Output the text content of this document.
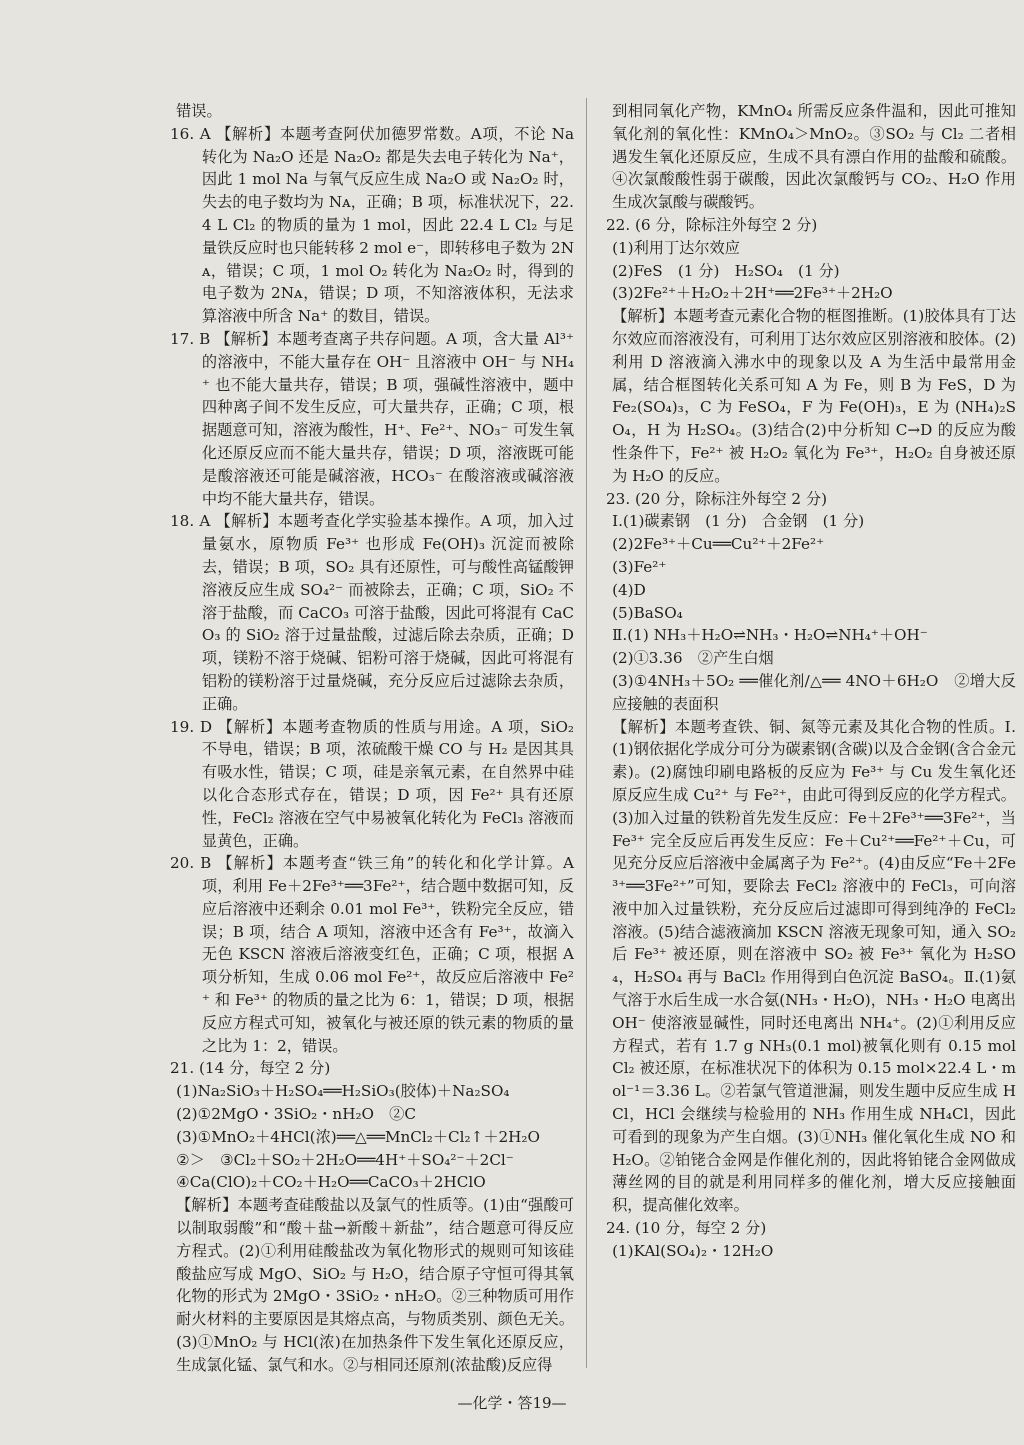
错误。

16. A 【解析】本题考查阿伏加德罗常数。A项，不论 Na 转化为 Na₂O 还是 Na₂O₂ 都是失去电子转化为 Na⁺，因此 1 mol Na 与氧气反应生成 Na₂O 或 Na₂O₂ 时，失去的电子数均为 Nᴀ，正确；B 项，标准状况下，22.4 L Cl₂ 的物质的量为 1 mol，因此 22.4 L Cl₂ 与足量铁反应时也只能转移 2 mol e⁻，即转移电子数为 2Nᴀ，错误；C 项，1 mol O₂ 转化为 Na₂O₂ 时，得到的电子数为 2Nᴀ，错误；D 项，不知溶液体积，无法求算溶液中所含 Na⁺ 的数目，错误。

17. B 【解析】本题考查离子共存问题。A 项，含大量 Al³⁺ 的溶液中，不能大量存在 OH⁻ 且溶液中 OH⁻ 与 NH₄⁺ 也不能大量共存，错误；B 项，强碱性溶液中，题中四种离子间不发生反应，可大量共存，正确；C 项，根据题意可知，溶液为酸性，H⁺、Fe²⁺、NO₃⁻ 可发生氧化还原反应而不能大量共存，错误；D 项，溶液既可能是酸溶液还可能是碱溶液，HCO₃⁻ 在酸溶液或碱溶液中均不能大量共存，错误。

18. A 【解析】本题考查化学实验基本操作。A 项，加入过量氨水，原物质 Fe³⁺ 也形成 Fe(OH)₃ 沉淀而被除去，错误；B 项，SO₂ 具有还原性，可与酸性高锰酸钾溶液反应生成 SO₄²⁻ 而被除去，正确；C 项，SiO₂ 不溶于盐酸，而 CaCO₃ 可溶于盐酸，因此可将混有 CaCO₃ 的 SiO₂ 溶于过量盐酸，过滤后除去杂质，正确；D 项，镁粉不溶于烧碱、铝粉可溶于烧碱，因此可将混有铝粉的镁粉溶于过量烧碱，充分反应后过滤除去杂质，正确。

19. D 【解析】本题考查物质的性质与用途。A 项，SiO₂ 不导电，错误；B 项，浓硫酸干燥 CO 与 H₂ 是因其具有吸水性，错误；C 项，硅是亲氧元素，在自然界中硅以化合态形式存在，错误；D 项，因 Fe²⁺ 具有还原性，FeCl₂ 溶液在空气中易被氧化转化为 FeCl₃ 溶液而显黄色，正确。

20. B 【解析】本题考查“铁三角”的转化和化学计算。A 项，利用 Fe＋2Fe³⁺══3Fe²⁺，结合题中数据可知，反应后溶液中还剩余 0.01 mol Fe³⁺，铁粉完全反应，错误；B 项，结合 A 项知，溶液中还含有 Fe³⁺，故滴入无色 KSCN 溶液后溶液变红色，正确；C 项，根据 A 项分析知，生成 0.06 mol Fe²⁺，故反应后溶液中 Fe²⁺ 和 Fe³⁺ 的物质的量之比为 6：1，错误；D 项，根据反应方程式可知，被氧化与被还原的铁元素的物质的量之比为 1：2，错误。

21. (14 分，每空 2 分)

(1)Na₂SiO₃＋H₂SO₄══H₂SiO₃(胶体)＋Na₂SO₄

(2)①2MgO・3SiO₂・nH₂O　②C

(3)①MnO₂＋4HCl(浓)══△══MnCl₂＋Cl₂↑＋2H₂O

②＞　③Cl₂＋SO₂＋2H₂O══4H⁺＋SO₄²⁻＋2Cl⁻

④Ca(ClO)₂＋CO₂＋H₂O══CaCO₃＋2HClO

【解析】本题考查硅酸盐以及氯气的性质等。(1)由“强酸可以制取弱酸”和“酸＋盐→新酸＋新盐”，结合题意可得反应方程式。(2)①利用硅酸盐改为氧化物形式的规则可知该硅酸盐应写成 MgO、SiO₂ 与 H₂O，结合原子守恒可得其氧化物的形式为 2MgO・3SiO₂・nH₂O。②三种物质可用作耐火材料的主要原因是其熔点高，与物质类别、颜色无关。(3)①MnO₂ 与 HCl(浓)在加热条件下发生氧化还原反应，生成氯化锰、氯气和水。②与相同还原剂(浓盐酸)反应得

到相同氧化产物，KMnO₄ 所需反应条件温和，因此可推知氧化剂的氧化性：KMnO₄＞MnO₂。③SO₂ 与 Cl₂ 二者相遇发生氧化还原反应，生成不具有漂白作用的盐酸和硫酸。④次氯酸酸性弱于碳酸，因此次氯酸钙与 CO₂、H₂O 作用生成次氯酸与碳酸钙。

22. (6 分，除标注外每空 2 分)

(1)利用丁达尔效应

(2)FeS　(1 分)　H₂SO₄　(1 分)

(3)2Fe²⁺＋H₂O₂＋2H⁺══2Fe³⁺＋2H₂O

【解析】本题考查元素化合物的框图推断。(1)胶体具有丁达尔效应而溶液没有，可利用丁达尔效应区别溶液和胶体。(2)利用 D 溶液滴入沸水中的现象以及 A 为生活中最常用金属，结合框图转化关系可知 A 为 Fe，则 B 为 FeS，D 为 Fe₂(SO₄)₃，C 为 FeSO₄，F 为 Fe(OH)₃，E 为 (NH₄)₂SO₄，H 为 H₂SO₄。(3)结合(2)中分析知 C→D 的反应为酸性条件下，Fe²⁺ 被 H₂O₂ 氧化为 Fe³⁺，H₂O₂ 自身被还原为 H₂O 的反应。

23. (20 分，除标注外每空 2 分)

Ⅰ.(1)碳素钢　(1 分)　合金钢　(1 分)

(2)2Fe³⁺＋Cu══Cu²⁺＋2Fe²⁺

(3)Fe²⁺

(4)D

(5)BaSO₄

Ⅱ.(1) NH₃＋H₂O⇌NH₃・H₂O⇌NH₄⁺＋OH⁻

(2)①3.36　②产生白烟

(3)①4NH₃＋5O₂ ══催化剂/△══ 4NO＋6H₂O　②增大反应接触的表面积

【解析】本题考查铁、铜、氮等元素及其化合物的性质。Ⅰ.(1)钢依据化学成分可分为碳素钢(含碳)以及合金钢(含合金元素)。(2)腐蚀印刷电路板的反应为 Fe³⁺ 与 Cu 发生氧化还原反应生成 Cu²⁺ 与 Fe²⁺，由此可得到反应的化学方程式。(3)加入过量的铁粉首先发生反应：Fe＋2Fe³⁺══3Fe²⁺，当 Fe³⁺ 完全反应后再发生反应：Fe＋Cu²⁺══Fe²⁺＋Cu，可见充分反应后溶液中金属离子为 Fe²⁺。(4)由反应“Fe＋2Fe³⁺══3Fe²⁺”可知，要除去 FeCl₂ 溶液中的 FeCl₃，可向溶液中加入过量铁粉，充分反应后过滤即可得到纯净的 FeCl₂ 溶液。(5)结合滤液滴加 KSCN 溶液无现象可知，通入 SO₂ 后 Fe³⁺ 被还原，则在溶液中 SO₂ 被 Fe³⁺ 氧化为 H₂SO₄，H₂SO₄ 再与 BaCl₂ 作用得到白色沉淀 BaSO₄。Ⅱ.(1)氨气溶于水后生成一水合氨(NH₃・H₂O)，NH₃・H₂O 电离出 OH⁻ 使溶液显碱性，同时还电离出 NH₄⁺。(2)①利用反应方程式，若有 1.7 g NH₃(0.1 mol)被氧化则有 0.15 mol Cl₂ 被还原，在标准状况下的体积为 0.15 mol×22.4 L・mol⁻¹＝3.36 L。②若氯气管道泄漏，则发生题中反应生成 HCl，HCl 会继续与检验用的 NH₃ 作用生成 NH₄Cl，因此可看到的现象为产生白烟。(3)①NH₃ 催化氧化生成 NO 和 H₂O。②铂铑合金网是作催化剂的，因此将铂铑合金网做成薄丝网的目的就是利用同样多的催化剂，增大反应接触面积，提高催化效率。

24. (10 分，每空 2 分)

(1)KAl(SO₄)₂・12H₂O

—化学・答19—
